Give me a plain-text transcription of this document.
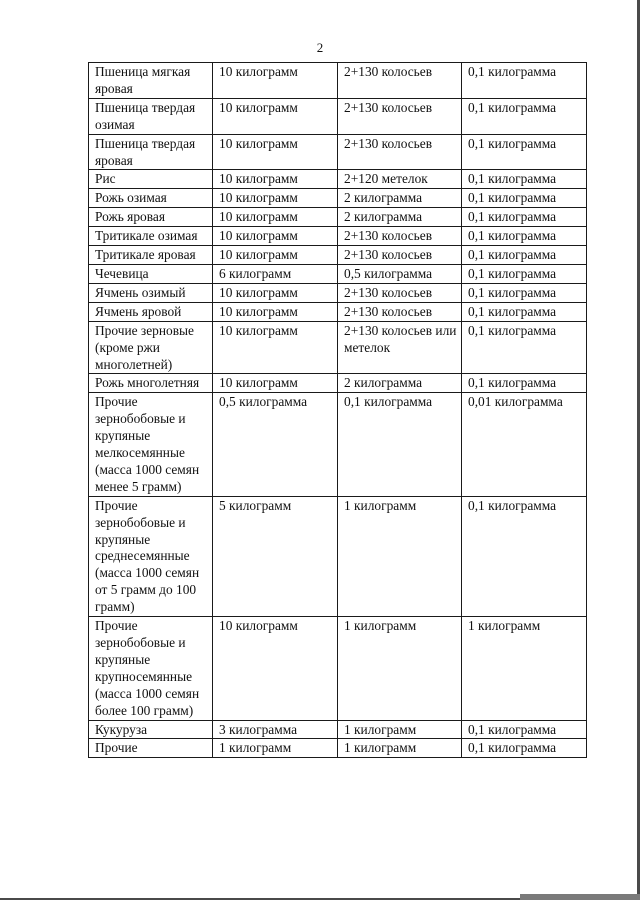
2
Пшеница мягкая яровая	10 килограмм	2+130 колосьев	0,1 килограмма
Пшеница твердая озимая	10 килограмм	2+130 колосьев	0,1 килограмма
Пшеница твердая яровая	10 килограмм	2+130 колосьев	0,1 килограмма
Рис	10 килограмм	2+120 метелок	0,1 килограмма
Рожь озимая	10 килограмм	2 килограмма	0,1 килограмма
Рожь яровая	10 килограмм	2 килограмма	0,1 килограмма
Тритикале озимая	10 килограмм	2+130 колосьев	0,1 килограмма
Тритикале яровая	10 килограмм	2+130 колосьев	0,1 килограмма
Чечевица	6 килограмм	0,5 килограмма	0,1 килограмма
Ячмень озимый	10 килограмм	2+130 колосьев	0,1 килограмма
Ячмень яровой	10 килограмм	2+130 колосьев	0,1 килограмма
Прочие зерновые (кроме ржи многолетней)	10 килограмм	2+130 колосьев или метелок	0,1 килограмма
Рожь многолетняя	10 килограмм	2 килограмма	0,1 килограмма
Прочие зернобобовые и крупяные мелкосемянные (масса 1000 семян менее 5 грамм)	0,5 килограмма	0,1 килограмма	0,01 килограмма
Прочие зернобобовые и крупяные среднесемянные (масса 1000 семян от 5 грамм до 100 грамм)	5 килограмм	1 килограмм	0,1 килограмма
Прочие зернобобовые и крупяные крупносемянные (масса 1000 семян более 100 грамм)	10 килограмм	1 килограмм	1 килограмм
Кукуруза	3 килограмма	1 килограмм	0,1 килограмма
Прочие	1 килограмм	1 килограмм	0,1 килограмма
